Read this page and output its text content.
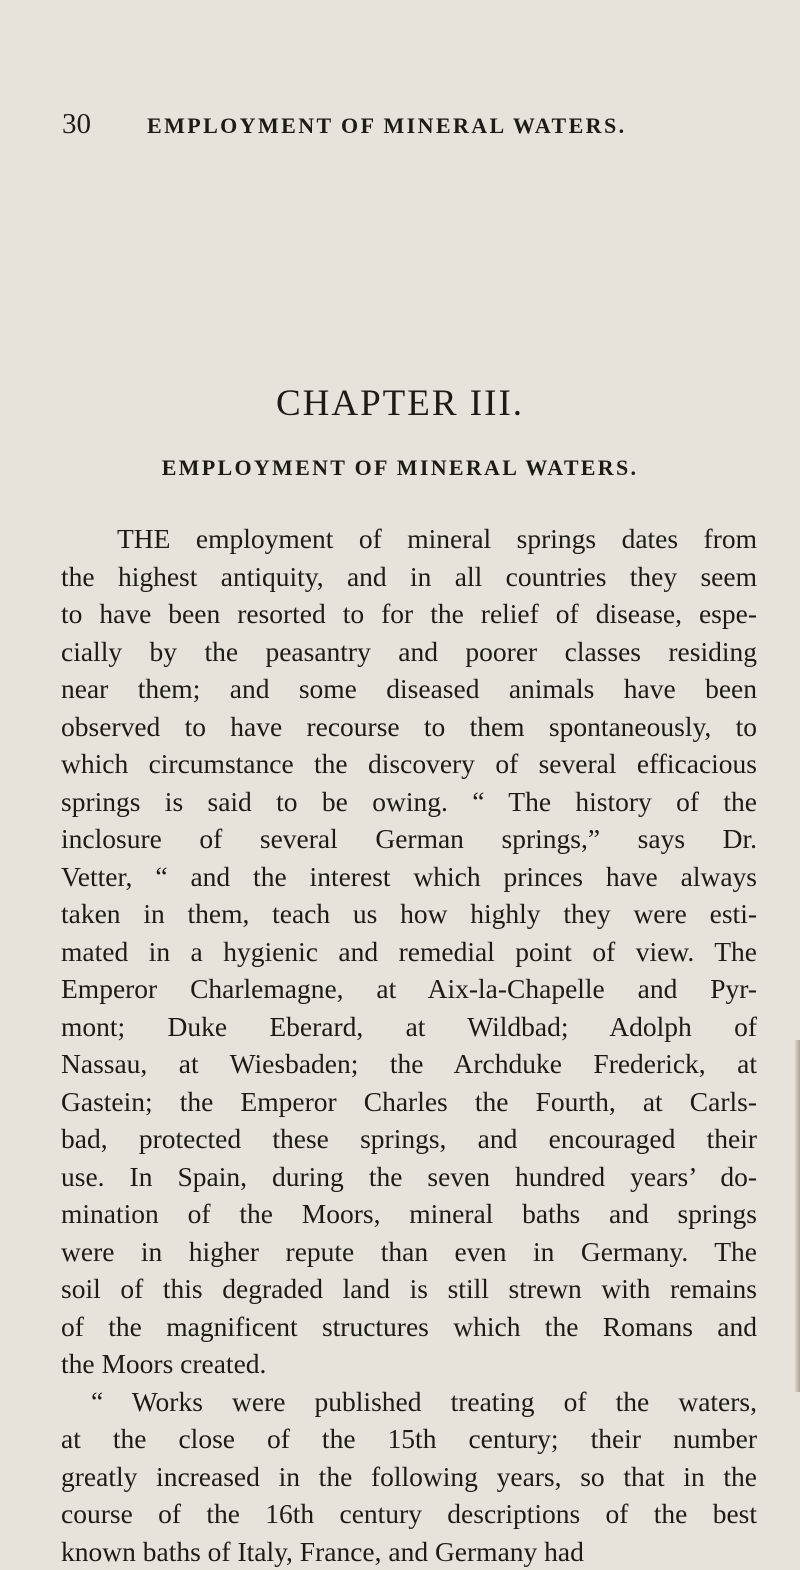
30	EMPLOYMENT OF MINERAL WATERS.
CHAPTER III.
EMPLOYMENT OF MINERAL WATERS.
THE employment of mineral springs dates from
the highest antiquity, and in all countries they seem
to have been resorted to for the relief of disease, espe-
cially by the peasantry and poorer classes residing
near them; and some diseased animals have been
observed to have recourse to them spontaneously, to
which circumstance the discovery of several efficacious
springs is said to be owing. “ The history of the
inclosure of several German springs,” says Dr.
Vetter, “ and the interest which princes have always
taken in them, teach us how highly they were esti-
mated in a hygienic and remedial point of view. The
Emperor Charlemagne, at Aix-la-Chapelle and Pyr-
mont; Duke Eberard, at Wildbad; Adolph of
Nassau, at Wiesbaden; the Archduke Frederick, at
Gastein; the Emperor Charles the Fourth, at Carls-
bad, protected these springs, and encouraged their
use. In Spain, during the seven hundred years’ do-
mination of the Moors, mineral baths and springs
were in higher repute than even in Germany. The
soil of this degraded land is still strewn with remains
of the magnificent structures which the Romans and
the Moors created.
“ Works were published treating of the waters,
at the close of the 15th century; their number
greatly increased in the following years, so that in the
course of the 16th century descriptions of the best
known baths of Italy, France, and Germany had
